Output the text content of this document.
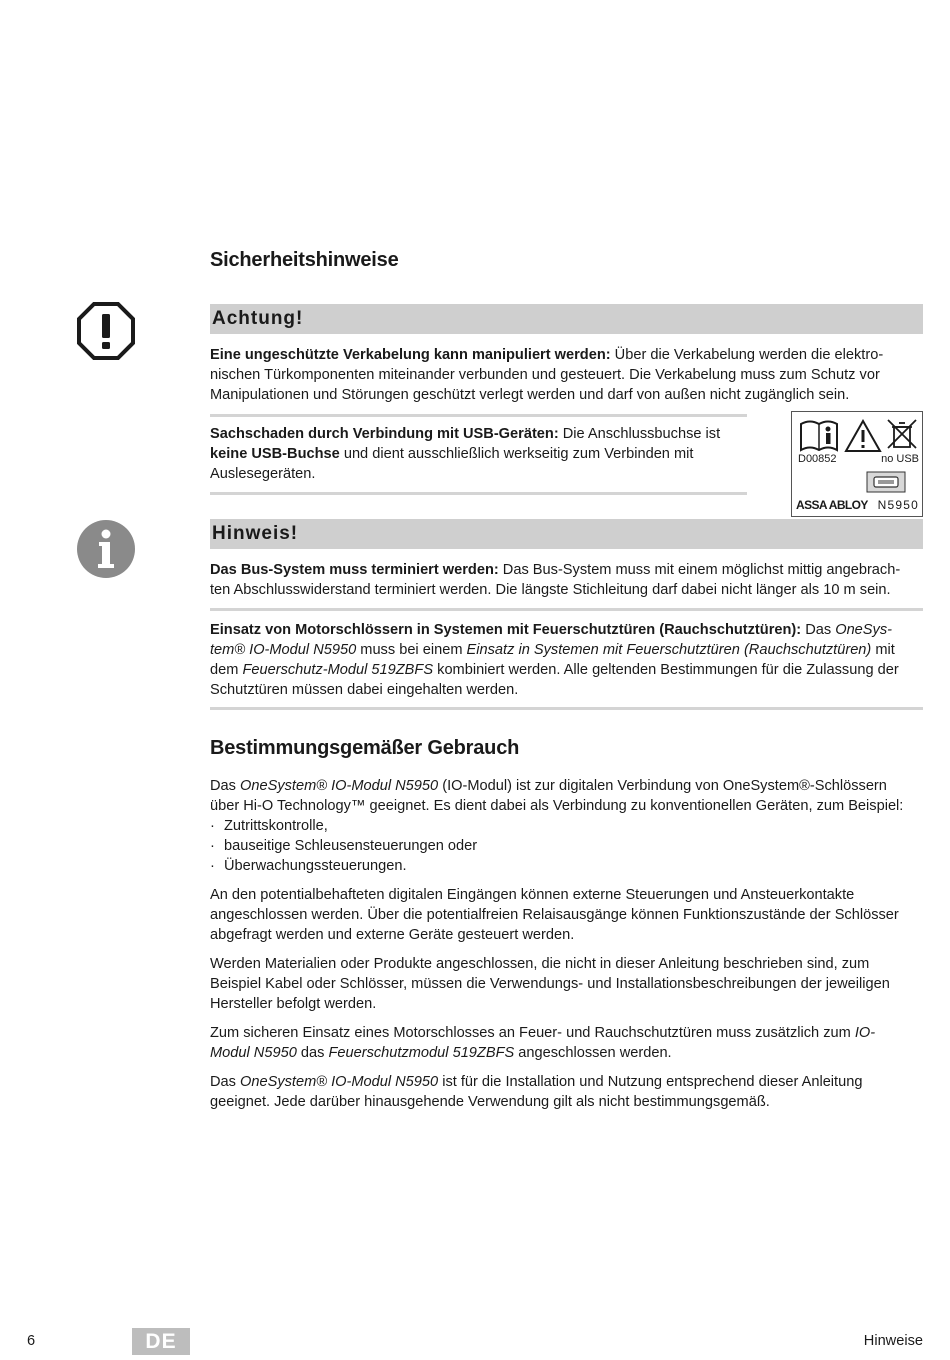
Sicherheitshinweise
Achtung!

Eine ungeschützte Verkabelung kann manipuliert werden: Über die Verkabelung werden die elektro-

nischen Türkomponenten miteinander verbunden und gesteuert. Die Verkabelung muss zum Schutz vor

Manipulationen und Störungen geschützt verlegt werden und darf von außen nicht zugänglich sein.

Sachschaden durch Verbindung mit USB-Geräten: Die Anschlussbuchse ist

keine USB-Buchse und dient ausschließlich werkseitig zum Verbinden mit

Auslesegeräten.

D00852	no USB
ASSA ABLOY N5950
Hinweis!

Das Bus-System muss terminiert werden: Das Bus-System muss mit einem möglichst mittig angebrach-

ten Abschlusswiderstand terminiert werden. Die längste Stichleitung darf dabei nicht länger als 10 m sein.

Einsatz von Motorschlössern in Systemen mit Feuerschutztüren (Rauchschutztüren): Das OneSys-

tem® IO-Modul N5950 muss bei einem Einsatz in Systemen mit Feuerschutztüren (Rauchschutztüren) mit

dem Feuerschutz-Modul 519ZBFS kombiniert werden. Alle geltenden Bestimmungen für die Zulassung der

Schutztüren müssen dabei eingehalten werden.

Bestimmungsgemäßer Gebrauch

Das OneSystem® IO-Modul N5950 (IO-Modul) ist zur digitalen Verbindung von OneSystem®-Schlössern

über Hi-O Technology™ geeignet. Es dient dabei als Verbindung zu konventionellen Geräten, zum Beispiel:

· Zutrittskontrolle,
· bauseitige Schleusensteuerungen oder
· Überwachungssteuerungen.

An den potentialbehafteten digitalen Eingängen können externe Steuerungen und Ansteuerkontakte

angeschlossen werden. Über die potentialfreien Relaisausgänge können Funktionszustände der Schlösser

abgefragt werden und externe Geräte gesteuert werden.

Werden Materialien oder Produkte angeschlossen, die nicht in dieser Anleitung beschrieben sind, zum

Beispiel Kabel oder Schlösser, müssen die Verwendungs- und Installationsbeschreibungen der jeweiligen

Hersteller befolgt werden.

Zum sicheren Einsatz eines Motorschlosses an Feuer- und Rauchschutztüren muss zusätzlich zum IO-

Modul N5950 das Feuerschutzmodul 519ZBFS angeschlossen werden.

Das OneSystem® IO-Modul N5950 ist für die Installation und Nutzung entsprechend dieser Anleitung

geeignet. Jede darüber hinausgehende Verwendung gilt als nicht bestimmungsgemäß.

6	DE	Hinweise
